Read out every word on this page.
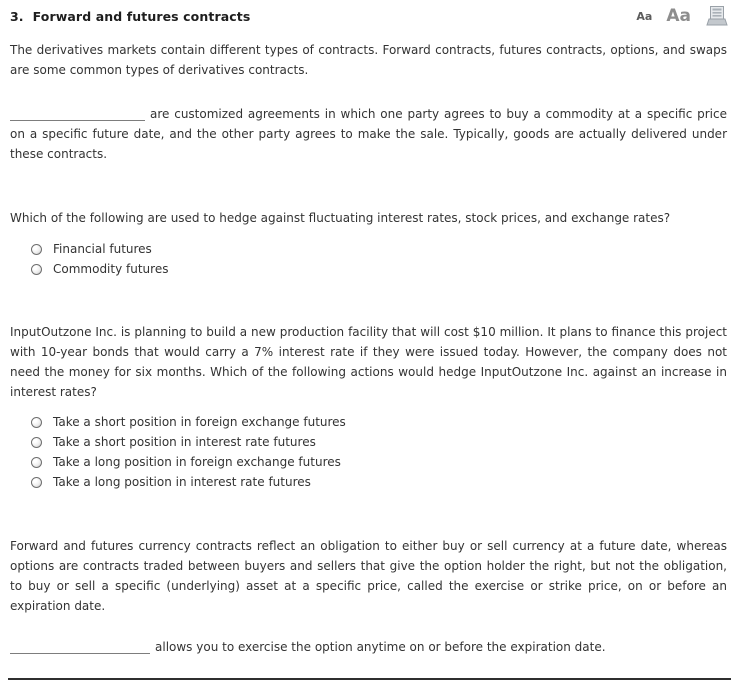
3. Forward and futures contracts	Aa Aa

The derivatives markets contain different types of contracts. Forward contracts, futures contracts, options, and swaps are some common types of derivatives contracts.

are customized agreements in which one party agrees to buy a commodity at a specific price on a specific future date, and the other party agrees to make the sale. Typically, goods are actually delivered under these contracts.

Which of the following are used to hedge against fluctuating interest rates, stock prices, and exchange rates?

Financial futures
Commodity futures

InputOutzone Inc. is planning to build a new production facility that will cost $10 million. It plans to finance this project with 10-year bonds that would carry a 7% interest rate if they were issued today. However, the company does not need the money for six months. Which of the following actions would hedge InputOutzone Inc. against an increase in interest rates?

Take a short position in foreign exchange futures
Take a short position in interest rate futures
Take a long position in foreign exchange futures
Take a long position in interest rate futures

Forward and futures currency contracts reflect an obligation to either buy or sell currency at a future date, whereas options are contracts traded between buyers and sellers that give the option holder the right, but not the obligation, to buy or sell a specific (underlying) asset at a specific price, called the exercise or strike price, on or before an expiration date.

allows you to exercise the option anytime on or before the expiration date.
